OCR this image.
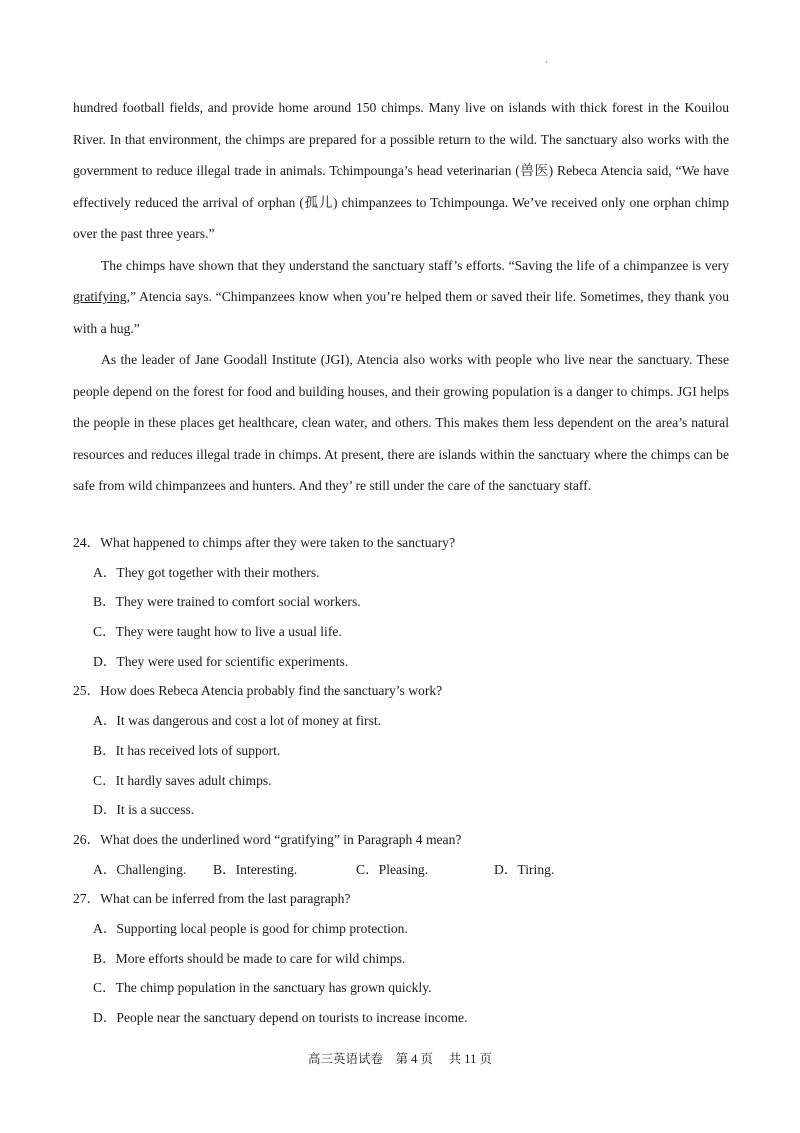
`

hundred football fields, and provide home around 150 chimps. Many live on islands with thick forest in the Kouilou River. In that environment, the chimps are prepared for a possible return to the wild. The sanctuary also works with the government to reduce illegal trade in animals. Tchimpounga’s head veterinarian (兽医) Rebeca Atencia said, “We have effectively reduced the arrival of orphan (孤儿) chimpanzees to Tchimpounga. We’ve received only one orphan chimp over the past three years.”

The chimps have shown that they understand the sanctuary staff’s efforts. “Saving the life of a chimpanzee is very gratifying,” Atencia says. “Chimpanzees know when you’re helped them or saved their life. Sometimes, they thank you with a hug.”

As the leader of Jane Goodall Institute (JGI), Atencia also works with people who live near the sanctuary. These people depend on the forest for food and building houses, and their growing population is a danger to chimps. JGI helps the people in these places get healthcare, clean water, and others. This makes them less dependent on the area’s natural resources and reduces illegal trade in chimps. At present, there are islands within the sanctuary where the chimps can be safe from wild chimpanzees and hunters. And they’ re still under the care of the sanctuary staff.

24．What happened to chimps after they were taken to the sanctuary?
A．They got together with their mothers.
B．They were trained to comfort social workers.
C．They were taught how to live a usual life.
D．They were used for scientific experiments.
25．How does Rebeca Atencia probably find the sanctuary’s work?
A．It was dangerous and cost a lot of money at first.
B．It has received lots of support.
C．It hardly saves adult chimps.
D．It is a success.
26．What does the underlined word “gratifying” in Paragraph 4 mean?
A．Challenging. B．Interesting.	C．Pleasing.	D．Tiring.
27．What can be inferred from the last paragraph?
A．Supporting local people is good for chimp protection.
B．More efforts should be made to care for wild chimps.
C．The chimp population in the sanctuary has grown quickly.
D．People near the sanctuary depend on tourists to increase income.
高三英语试卷　第 4 页　 共 11 页
